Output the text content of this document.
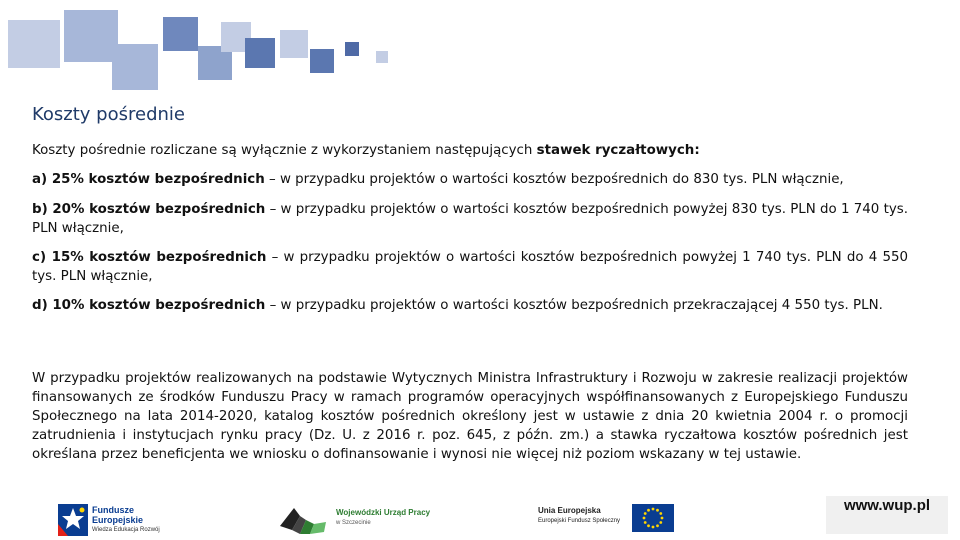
Koszty pośrednie

Koszty pośrednie rozliczane są wyłącznie z wykorzystaniem następujących stawek ryczałtowych:

a) 25% kosztów bezpośrednich – w przypadku projektów o wartości kosztów bezpośrednich do 830 tys. PLN włącznie,

b) 20% kosztów bezpośrednich – w przypadku projektów o wartości kosztów bezpośrednich powyżej 830 tys. PLN do 1 740 tys. PLN włącznie,

c) 15% kosztów bezpośrednich – w przypadku projektów o wartości kosztów bezpośrednich powyżej 1 740 tys. PLN do 4 550 tys. PLN włącznie,

d) 10% kosztów bezpośrednich – w przypadku projektów o wartości kosztów bezpośrednich przekraczającej 4 550 tys. PLN.

W przypadku projektów realizowanych na podstawie Wytycznych Ministra Infrastruktury i Rozwoju w zakresie realizacji projektów finansowanych ze środków Funduszu Pracy w ramach programów operacyjnych współfinansowanych z Europejskiego Funduszu Społecznego na lata 2014-2020, katalog kosztów pośrednich określony jest w ustawie z dnia 20 kwietnia 2004 r. o promocji zatrudnienia i instytucjach rynku pracy (Dz. U. z 2016 r. poz. 645, z późn. zm.) a stawka ryczałtowa kosztów pośrednich jest określana przez beneficjenta we wniosku o dofinansowanie i wynosi nie więcej niż poziom wskazany w tej ustawie.

Fundusze
Europejskie
Wiedza Edukacja Rozwój
Wojewódzki Urząd Pracy
w Szczecinie
Unia Europejska
Europejski Fundusz Społeczny
www.wup.pl
